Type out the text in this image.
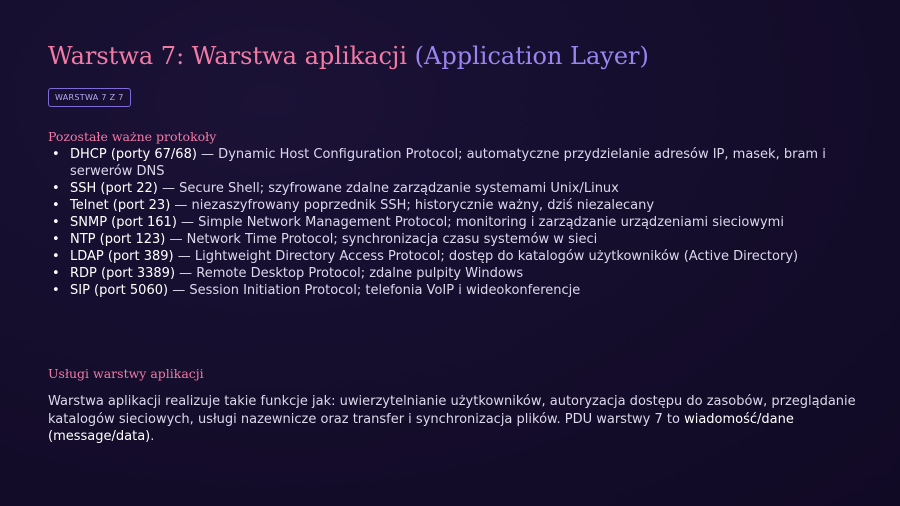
Warstwa 7: Warstwa aplikacji (Application Layer)
WARSTWA 7 Z 7
Pozostałe ważne protokoły
• DHCP (porty 67/68) — Dynamic Host Configuration Protocol; automatyczne przydzielanie adresów IP, masek, bram i serwerów DNS
• SSH (port 22) — Secure Shell; szyfrowane zdalne zarządzanie systemami Unix/Linux
• Telnet (port 23) — niezaszyfrowany poprzednik SSH; historycznie ważny, dziś niezalecany
• SNMP (port 161) — Simple Network Management Protocol; monitoring i zarządzanie urządzeniami sieciowymi
• NTP (port 123) — Network Time Protocol; synchronizacja czasu systemów w sieci
• LDAP (port 389) — Lightweight Directory Access Protocol; dostęp do katalogów użytkowników (Active Directory)
• RDP (port 3389) — Remote Desktop Protocol; zdalne pulpity Windows
• SIP (port 5060) — Session Initiation Protocol; telefonia VoIP i wideokonferencje
Usługi warstwy aplikacji

Warstwa aplikacji realizuje takie funkcje jak: uwierzytelnianie użytkowników, autoryzacja dostępu do zasobów, przeglądanie katalogów sieciowych, usługi nazewnicze oraz transfer i synchronizacja plików. PDU warstwy 7 to wiadomość/dane (message/data).
